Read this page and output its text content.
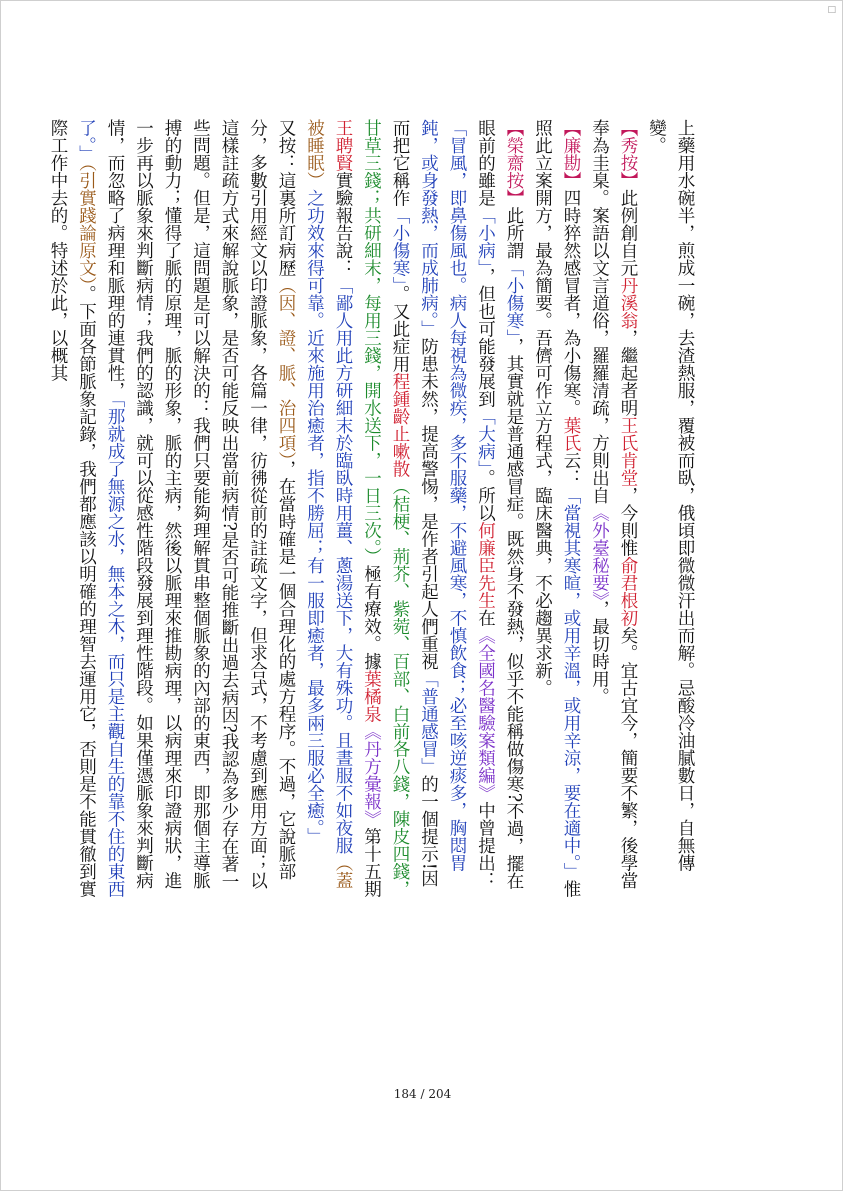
□

上藥用水碗半，煎成一碗，去渣熱服，覆被而臥，俄頃即微微汗出而解。忌酸冷油膩數日，自無傳變。

【秀按】此例創自元丹溪翁，繼起者明王氏肯堂，今則惟俞君根初矣。宜古宜今，簡要不繁，後學當奉為圭臬。案語以文言道俗，羅羅清疏，方則出自《外臺秘要》，最切時用。

【廉勘】四時猝然感冒者，為小傷寒。葉氏云：「當視其寒暄，或用辛溫，或用辛涼，要在適中。」惟照此立案開方，最為簡要。吾儕可作立方程式，臨床醫典，不必趨異求新。

【榮齋按】此所謂「小傷寒」，其實就是普通感冒症。既然身不發熱，似乎不能稱做傷寒?不過，擺在眼前的雖是「小病」，但也可能發展到「大病」。所以何廉臣先生在《全國名醫驗案類編》中曾提出：「冒風，即鼻傷風也。病人每視為微疾，多不服藥，不避風寒，不慎飲食；必至咳逆痰多，胸悶胃鈍，或身發熱，而成肺病。」防患未然，提高警惕，是作者引起人們重視「普通感冒」的一個提示!因而把它稱作「小傷寒」。又此症用程鍾齡止嗽散（桔梗、荊芥、紫菀、百部、白前各八錢，陳皮四錢，甘草三錢；共研細末，每用三錢，開水送下，一日三次。）極有療效。據葉橘泉《丹方彙報》第十五期王聘賢實驗報告說：「鄙人用此方研細末於臨臥時用薑、蔥湯送下，大有殊功。且晝服不如夜服（蓋被睡眠）之功效來得可靠。近來施用治癒者，指不勝屈；有一服即癒者，最多兩三服必全癒。」

又按：這裏所訂病歷（因、證、脈、治四項），在當時確是一個合理化的處方程序。不過，它說脈部分，多數引用經文以印證脈象，各篇一律，彷彿從前的註疏文字，但求合式，不考慮到應用方面；以這樣註疏方式來解說脈象，是否可能反映出當前病情?是否可能推斷出過去病因?我認為多少存在著一些問題。但是，這問題是可以解決的：我們只要能夠理解貫串整個脈象的內部的東西，即那個主導脈搏的動力；懂得了脈的原理，脈的形象，脈的主病，然後以脈理來推勘病理，以病理來印證病狀，進一步再以脈象來判斷病情；我們的認識，就可以從感性階段發展到理性階段。如果僅憑脈象來判斷病情，而忽略了病理和脈理的連貫性，「那就成了無源之水，無本之木，而只是主觀自生的靠不住的東西了。」（引實踐論原文）。下面各節脈象記錄，我們都應該以明確的理智去運用它，否則是不能貫徹到實際工作中去的。特述於此，以概其

184 / 204
